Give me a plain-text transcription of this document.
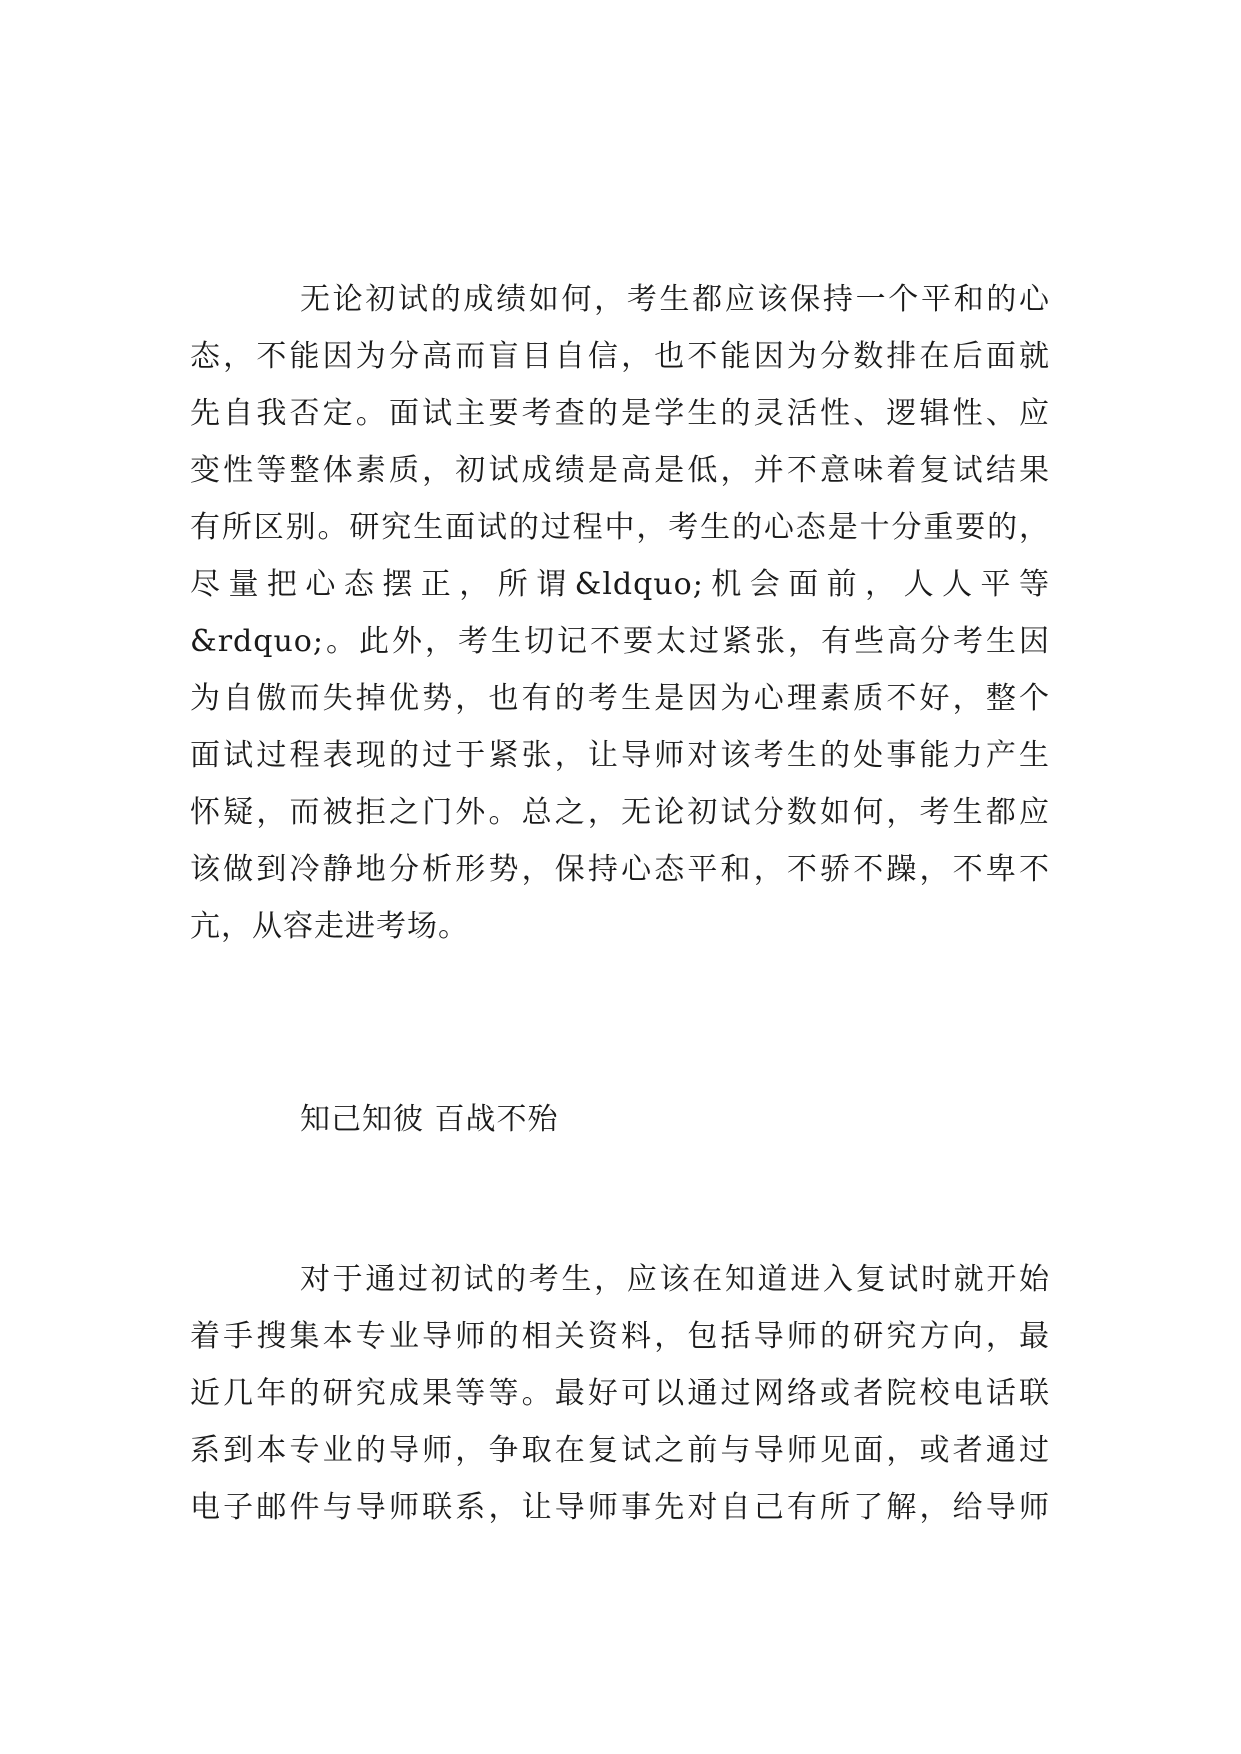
无论初试的成绩如何，考生都应该保持一个平和的心
态，不能因为分高而盲目自信，也不能因为分数排在后面就
先自我否定。面试主要考查的是学生的灵活性、逻辑性、应
变性等整体素质，初试成绩是高是低，并不意味着复试结果
有所区别。研究生面试的过程中，考生的心态是十分重要的，
尽量把心态摆正，所谓&ldquo;机会面前，人人平等
&rdquo;。此外，考生切记不要太过紧张，有些高分考生因
为自傲而失掉优势，也有的考生是因为心理素质不好，整个
面试过程表现的过于紧张，让导师对该考生的处事能力产生
怀疑，而被拒之门外。总之，无论初试分数如何，考生都应
该做到冷静地分析形势，保持心态平和，不骄不躁，不卑不
亢，从容走进考场。
知己知彼 百战不殆
对于通过初试的考生，应该在知道进入复试时就开始
着手搜集本专业导师的相关资料，包括导师的研究方向，最
近几年的研究成果等等。最好可以通过网络或者院校电话联
系到本专业的导师，争取在复试之前与导师见面，或者通过
电子邮件与导师联系，让导师事先对自己有所了解，给导师
